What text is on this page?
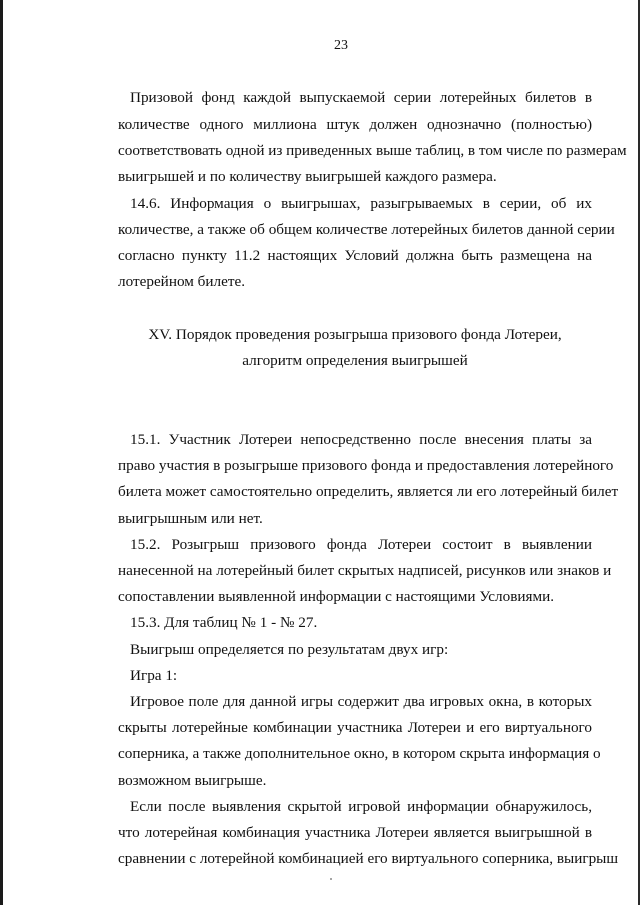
23
Призовой фонд каждой выпускаемой серии лотерейных билетов в
количестве одного миллиона штук должен однозначно (полностью)
соответствовать одной из приведенных выше таблиц, в том числе по размерам
выигрышей и по количеству выигрышей каждого размера.
14.6. Информация о выигрышах, разыгрываемых в серии, об их
количестве, а также об общем количестве лотерейных билетов данной серии
согласно пункту 11.2 настоящих Условий должна быть размещена на
лотерейном билете.
XV. Порядок проведения розыгрыша призового фонда Лотереи,
алгоритм определения выигрышей
15.1. Участник Лотереи непосредственно после внесения платы за
право участия в розыгрыше призового фонда и предоставления лотерейного
билета может самостоятельно определить, является ли его лотерейный билет
выигрышным или нет.
15.2. Розыгрыш призового фонда Лотереи состоит в выявлении
нанесенной на лотерейный билет скрытых надписей, рисунков или знаков и
сопоставлении выявленной информации с настоящими Условиями.
15.3. Для таблиц № 1 - № 27.
Выигрыш определяется по результатам двух игр:
Игра 1:
Игровое поле для данной игры содержит два игровых окна, в которых
скрыты лотерейные комбинации участника Лотереи и его виртуального
соперника, а также дополнительное окно, в котором скрыта информация о
возможном выигрыше.
Если после выявления скрытой игровой информации обнаружилось,
что лотерейная комбинация участника Лотереи является выигрышной в
сравнении с лотерейной комбинацией его виртуального соперника, выигрыш
